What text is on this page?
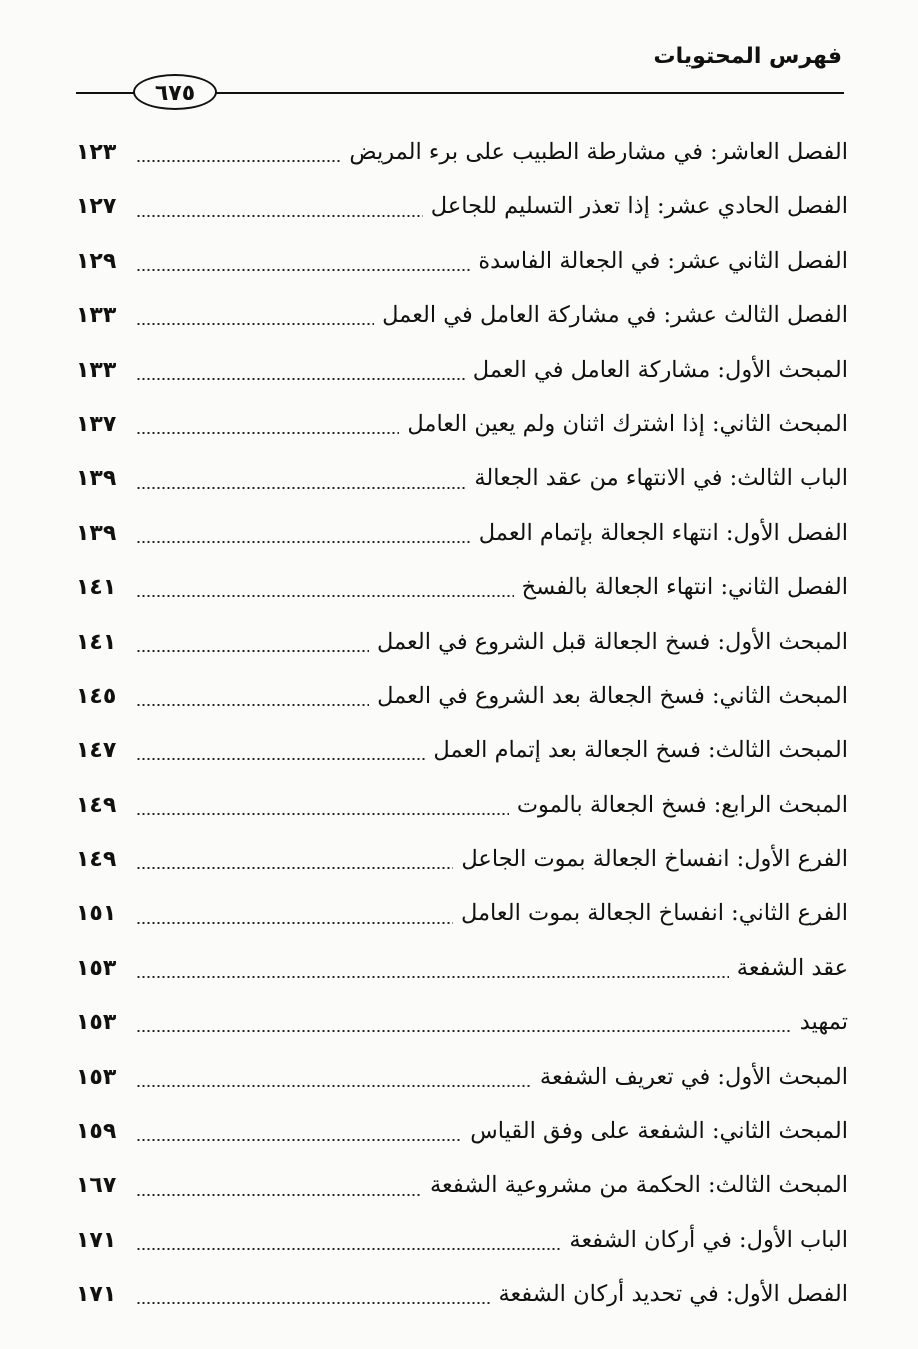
فهرس المحتويات
٦٧٥
الفصل العاشر: في مشارطة الطبيب على برء المريض
١٢٣
الفصل الحادي عشر: إذا تعذر التسليم للجاعل
١٢٧
الفصل الثاني عشر: في الجعالة الفاسدة
١٢٩
الفصل الثالث عشر: في مشاركة العامل في العمل
١٣٣
المبحث الأول: مشاركة العامل في العمل
١٣٣
المبحث الثاني: إذا اشترك اثنان ولم يعين العامل
١٣٧
الباب الثالث: في الانتهاء من عقد الجعالة
١٣٩
الفصل الأول: انتهاء الجعالة بإتمام العمل
١٣٩
الفصل الثاني: انتهاء الجعالة بالفسخ
١٤١
المبحث الأول: فسخ الجعالة قبل الشروع في العمل
١٤١
المبحث الثاني: فسخ الجعالة بعد الشروع في العمل
١٤٥
المبحث الثالث: فسخ الجعالة بعد إتمام العمل
١٤٧
المبحث الرابع: فسخ الجعالة بالموت
١٤٩
الفرع الأول: انفساخ الجعالة بموت الجاعل
١٤٩
الفرع الثاني: انفساخ الجعالة بموت العامل
١٥١
عقد الشفعة
١٥٣
تمهيد
١٥٣
المبحث الأول: في تعريف الشفعة
١٥٣
المبحث الثاني: الشفعة على وفق القياس
١٥٩
المبحث الثالث: الحكمة من مشروعية الشفعة
١٦٧
الباب الأول: في أركان الشفعة
١٧١
الفصل الأول: في تحديد أركان الشفعة
١٧١
